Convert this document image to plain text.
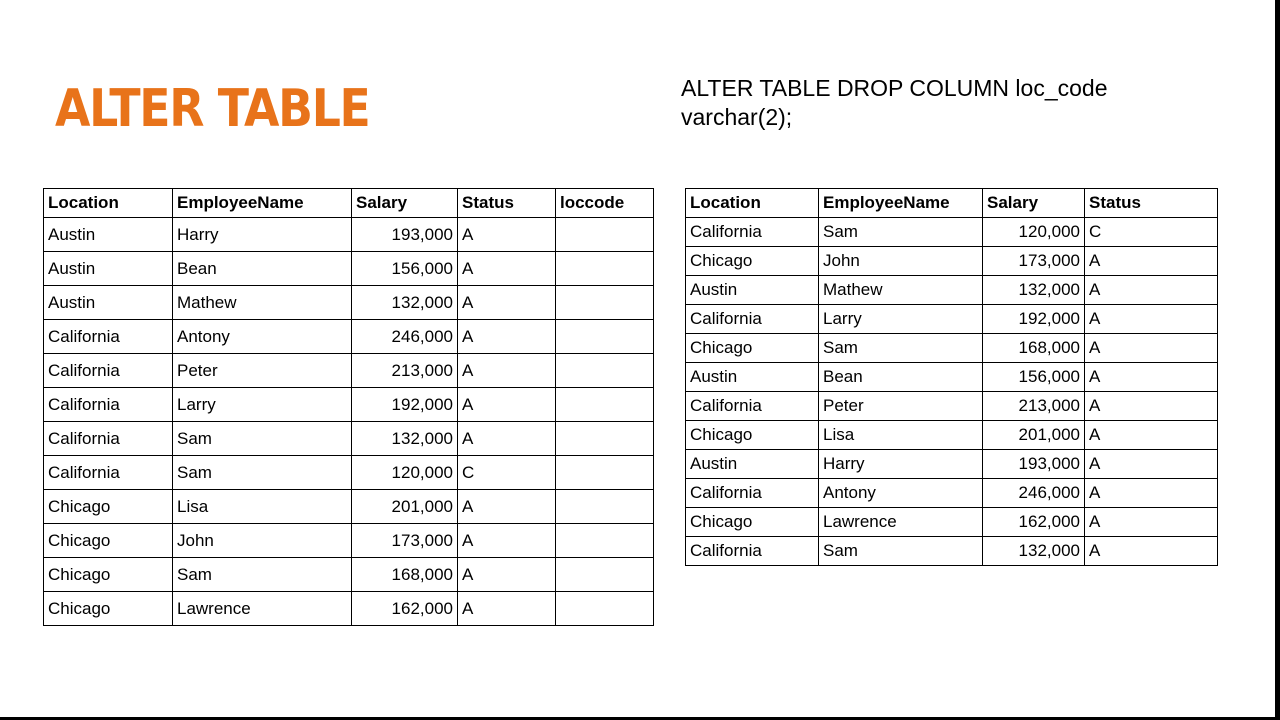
ALTER TABLE	ALTER TABLE DROP COLUMN loc_code
varchar(2);
Location	EmployeeName	Salary	Status	loccode
Austin	Harry	193,000	A	
Austin	Bean	156,000	A	
Austin	Mathew	132,000	A	
California	Antony	246,000	A	
California	Peter	213,000	A	
California	Larry	192,000	A	
California	Sam	132,000	A	
California	Sam	120,000	C	
Chicago	Lisa	201,000	A	
Chicago	John	173,000	A	
Chicago	Sam	168,000	A	
Chicago	Lawrence	162,000	A	
Location	EmployeeName	Salary	Status
California	Sam	120,000	C
Chicago	John	173,000	A
Austin	Mathew	132,000	A
California	Larry	192,000	A
Chicago	Sam	168,000	A
Austin	Bean	156,000	A
California	Peter	213,000	A
Chicago	Lisa	201,000	A
Austin	Harry	193,000	A
California	Antony	246,000	A
Chicago	Lawrence	162,000	A
California	Sam	132,000	A
